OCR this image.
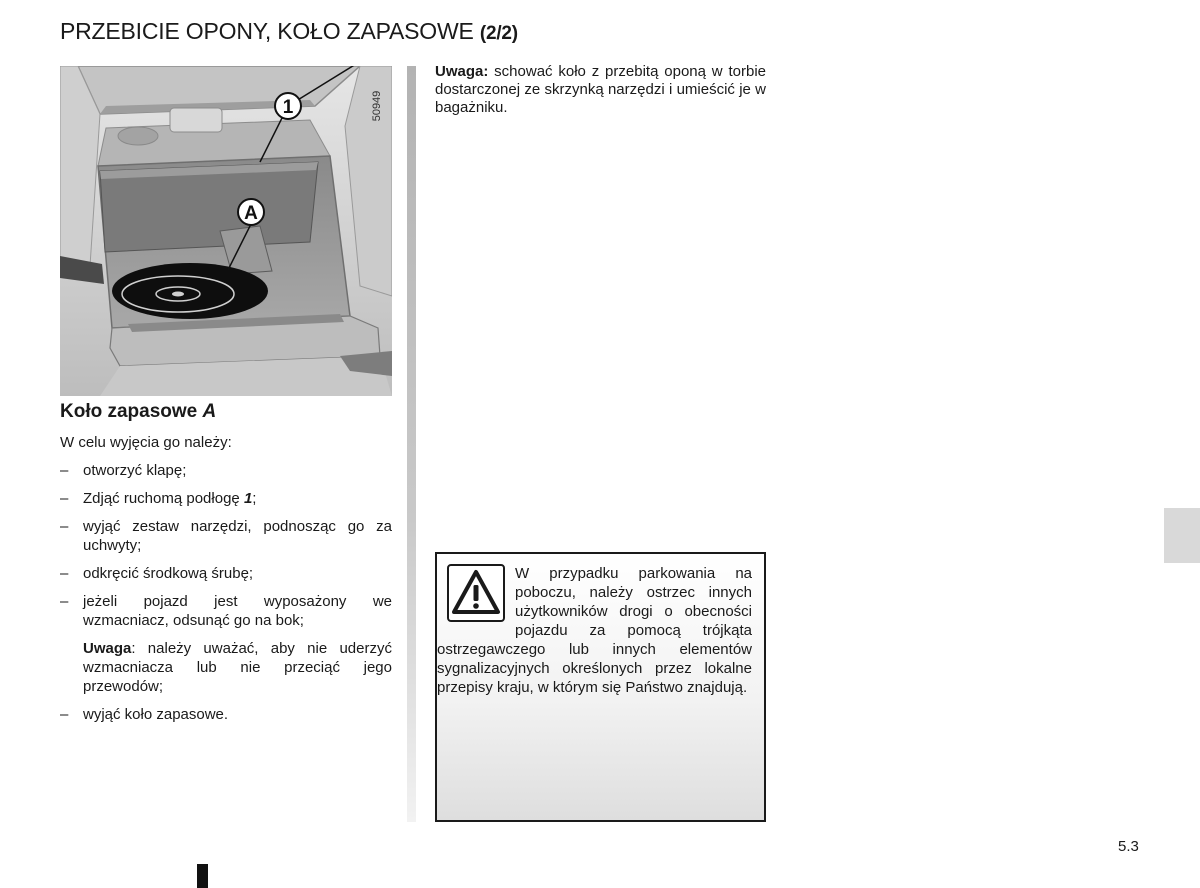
PRZEBICIE OPONY, KOŁO ZAPASOWE (2/2)
1
A
50949
Koło zapasowe A

W celu wyjęcia go należy:

– otworzyć klapę;
– Zdjąć ruchomą podłogę 1;
– wyjąć zestaw narzędzi, podnosząc go za uchwyty;
– odkręcić środkową śrubę;
– jeżeli pojazd jest wyposażony we wzmacniacz, odsunąć go na bok;
Uwaga: należy uważać, aby nie uderzyć wzmacniacza lub nie przeciąć jego przewodów;
– wyjąć koło zapasowe.

Uwaga: schować koło z przebitą oponą w torbie dostarczonej ze skrzynką narzędzi i umieścić je w bagażniku.

W przypadku parkowania na poboczu, należy ostrzec innych użytkowników drogi o obecności pojazdu za pomocą trójkąta ostrzegawczego lub innych elementów sygnalizacyjnych określonych przez lokalne przepisy kraju, w którym się Państwo znajdują.

5.3
